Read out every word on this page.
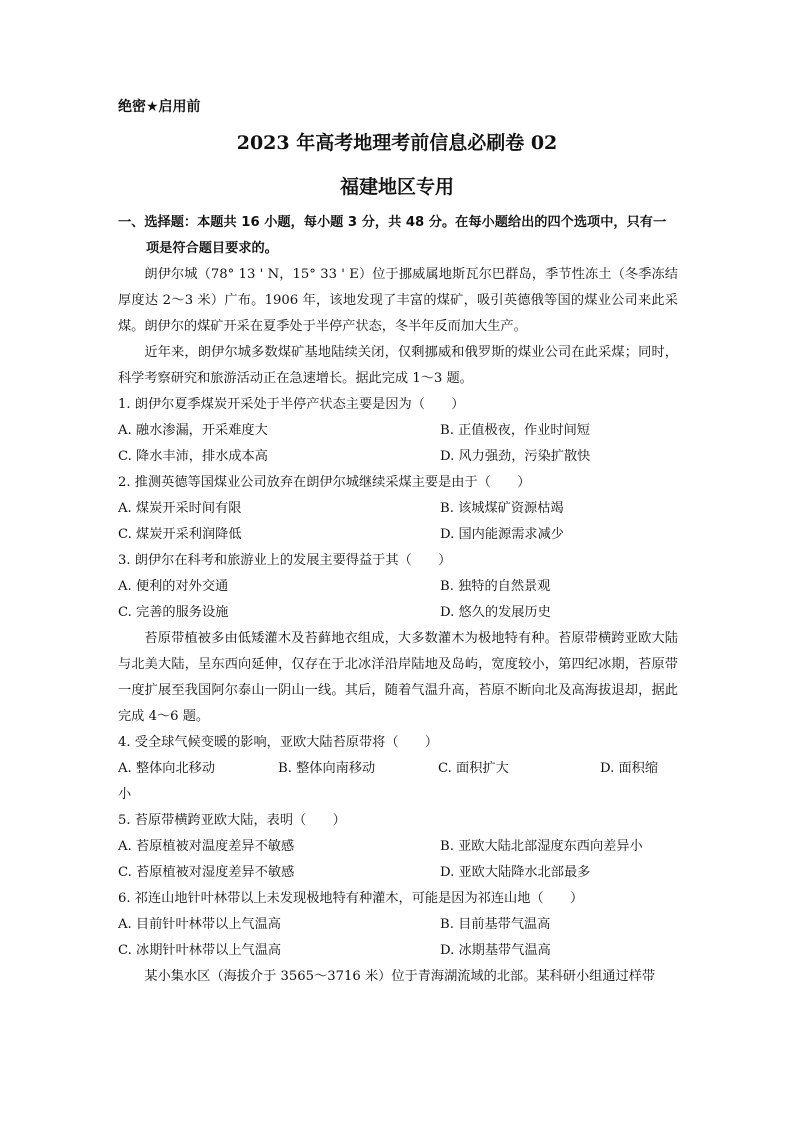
绝密★启用前
2023 年高考地理考前信息必刷卷 02
福建地区专用

一、选择题：本题共 16 小题，每小题 3 分，共 48 分。在每小题给出的四个选项中，只有一项是符合题目要求的。

朗伊尔城（78° 13 ' N，15° 33 ' E）位于挪威属地斯瓦尔巴群岛，季节性冻土（冬季冻结厚度达 2～3 米）广布。1906 年，该地发现了丰富的煤矿，吸引英德俄等国的煤业公司来此采煤。朗伊尔的煤矿开采在夏季处于半停产状态，冬半年反而加大生产。

近年来，朗伊尔城多数煤矿基地陆续关闭，仅剩挪威和俄罗斯的煤业公司在此采煤；同时，科学考察研究和旅游活动正在急速增长。据此完成 1～3 题。

1. 朗伊尔夏季煤炭开采处于半停产状态主要是因为（　　）

A. 融水渗漏，开采难度大	B. 正值极夜，作业时间短
C. 降水丰沛，排水成本高	D. 风力强劲，污染扩散快

2. 推测英德等国煤业公司放弃在朗伊尔城继续采煤主要是由于（　　）

A. 煤炭开采时间有限	B. 该城煤矿资源枯竭
C. 煤炭开采利润降低	D. 国内能源需求减少

3. 朗伊尔在科考和旅游业上的发展主要得益于其（　　）

A. 便利的对外交通	B. 独特的自然景观
C. 完善的服务设施	D. 悠久的发展历史

苔原带植被多由低矮灌木及苔藓地衣组成，大多数灌木为极地特有种。苔原带横跨亚欧大陆与北美大陆，呈东西向延伸，仅存在于北冰洋沿岸陆地及岛屿，宽度较小，第四纪冰期，苔原带一度扩展至我国阿尔泰山一阴山一线。其后，随着气温升高，苔原不断向北及高海拔退却，据此完成 4～6 题。

4. 受全球气候变暖的影响，亚欧大陆苔原带将（　　）

A. 整体向北移动	B. 整体向南移动	C. 面积扩大	D. 面积缩

小

5. 苔原带横跨亚欧大陆，表明（　　）

A. 苔原植被对温度差异不敏感	B. 亚欧大陆北部湿度东西向差异小
C. 苔原植被对湿度差异不敏感	D. 亚欧大陆降水北部最多

6. 祁连山地针叶林带以上未发现极地特有种灌木，可能是因为祁连山地（　　）

A. 目前针叶林带以上气温高	B. 目前基带气温高
C. 冰期针叶林带以上气温高	D. 冰期基带气温高

某小集水区（海拔介于 3565～3716 米）位于青海湖流域的北部。某科研小组通过样带
